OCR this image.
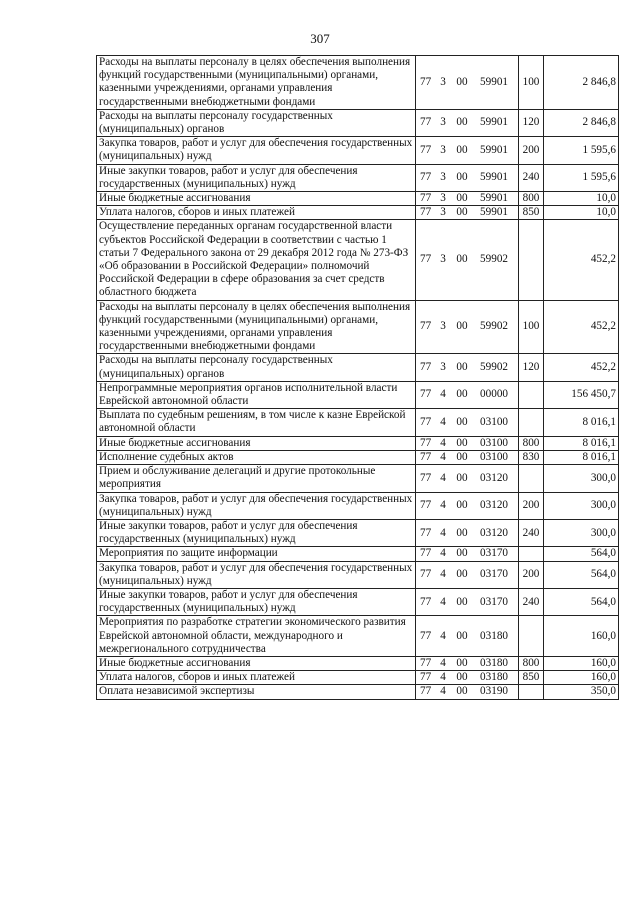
307
Расходы на выплаты персоналу в целях обеспечения выполнения функций государственными (муниципальными) органами, казенными учреждениями, органами управления государственными внебюджетными фондами	77 3 00 59901	100	2 846,8
Расходы на выплаты персоналу государственных (муниципальных) органов	77 3 00 59901	120	2 846,8
Закупка товаров, работ и услуг для обеспечения государственных (муниципальных) нужд	77 3 00 59901	200	1 595,6
Иные закупки товаров, работ и услуг для обеспечения государственных (муниципальных) нужд	77 3 00 59901	240	1 595,6
Иные бюджетные ассигнования	77 3 00 59901	800	10,0
Уплата налогов, сборов и иных платежей	77 3 00 59901	850	10,0
Осуществление переданных органам государственной власти субъектов Российской Федерации в соответствии с частью 1 статьи 7 Федерального закона от 29 декабря 2012 года № 273-ФЗ «Об образовании в Российской Федерации» полномочий Российской Федерации в сфере образования за счет средств областного бюджета	77 3 00 59902		452,2
Расходы на выплаты персоналу в целях обеспечения выполнения функций государственными (муниципальными) органами, казенными учреждениями, органами управления государственными внебюджетными фондами	77 3 00 59902	100	452,2
Расходы на выплаты персоналу государственных (муниципальных) органов	77 3 00 59902	120	452,2
Непрограммные мероприятия органов исполнительной власти Еврейской автономной области	77 4 00 00000		156 450,7
Выплата по судебным решениям, в том числе к казне Еврейской автономной области	77 4 00 03100		8 016,1
Иные бюджетные ассигнования	77 4 00 03100	800	8 016,1
Исполнение судебных актов	77 4 00 03100	830	8 016,1
Прием и обслуживание делегаций и другие протокольные мероприятия	77 4 00 03120		300,0
Закупка товаров, работ и услуг для обеспечения государственных (муниципальных) нужд	77 4 00 03120	200	300,0
Иные закупки товаров, работ и услуг для обеспечения государственных (муниципальных) нужд	77 4 00 03120	240	300,0
Мероприятия по защите информации	77 4 00 03170		564,0
Закупка товаров, работ и услуг для обеспечения государственных (муниципальных) нужд	77 4 00 03170	200	564,0
Иные закупки товаров, работ и услуг для обеспечения государственных (муниципальных) нужд	77 4 00 03170	240	564,0
Мероприятия по разработке стратегии экономического развития Еврейской автономной области, международного и межрегионального сотрудничества	77 4 00 03180		160,0
Иные бюджетные ассигнования	77 4 00 03180	800	160,0
Уплата налогов, сборов и иных платежей	77 4 00 03180	850	160,0
Оплата независимой экспертизы	77 4 00 03190		350,0
